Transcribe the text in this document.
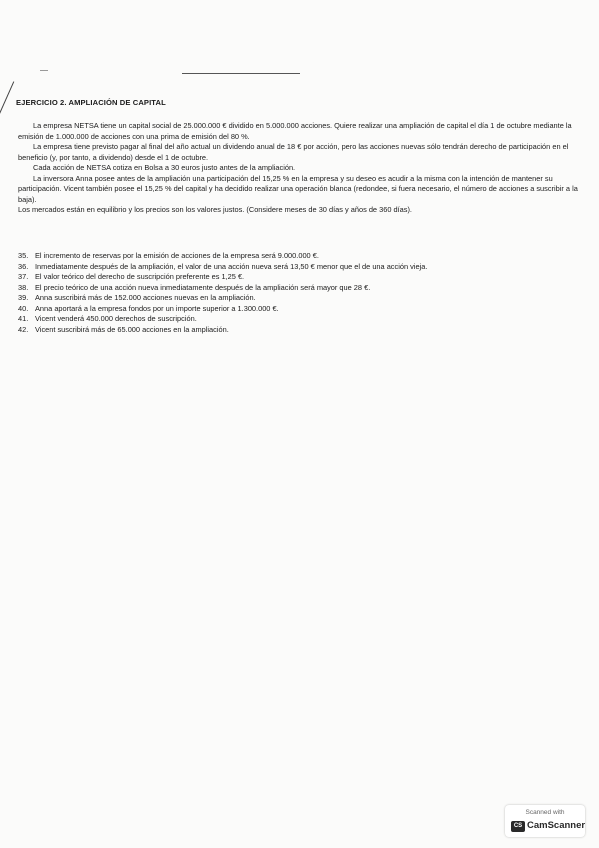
EJERCICIO 2. AMPLIACIÓN DE CAPITAL

La empresa NETSA tiene un capital social de 25.000.000 € dividido en 5.000.000 acciones. Quiere realizar una ampliación de capital el día 1 de octubre mediante la emisión de 1.000.000 de acciones con una prima de emisión del 80 %.

La empresa tiene previsto pagar al final del año actual un dividendo anual de 18 € por acción, pero las acciones nuevas sólo tendrán derecho de participación en el beneficio (y, por tanto, a dividendo) desde el 1 de octubre.

Cada acción de NETSA cotiza en Bolsa a 30 euros justo antes de la ampliación.

La inversora Anna posee antes de la ampliación una participación del 15,25 % en la empresa y su deseo es acudir a la misma con la intención de mantener su participación. Vicent también posee el 15,25 % del capital y ha decidido realizar una operación blanca (redondee, si fuera necesario, el número de acciones a suscribir a la baja).

Los mercados están en equilibrio y los precios son los valores justos. (Considere meses de 30 días y años de 360 días).

35. El incremento de reservas por la emisión de acciones de la empresa será 9.000.000 €.
36. Inmediatamente después de la ampliación, el valor de una acción nueva será 13,50 € menor que el de una acción vieja.
37. El valor teórico del derecho de suscripción preferente es 1,25 €.
38. El precio teórico de una acción nueva inmediatamente después de la ampliación será mayor que 28 €.
39. Anna suscribirá más de 152.000 acciones nuevas en la ampliación.
40. Anna aportará a la empresa fondos por un importe superior a 1.300.000 €.
41. Vicent venderá 450.000 derechos de suscripción.
42. Vicent suscribirá más de 65.000 acciones en la ampliación.
Scanned with
CS CamScanner
